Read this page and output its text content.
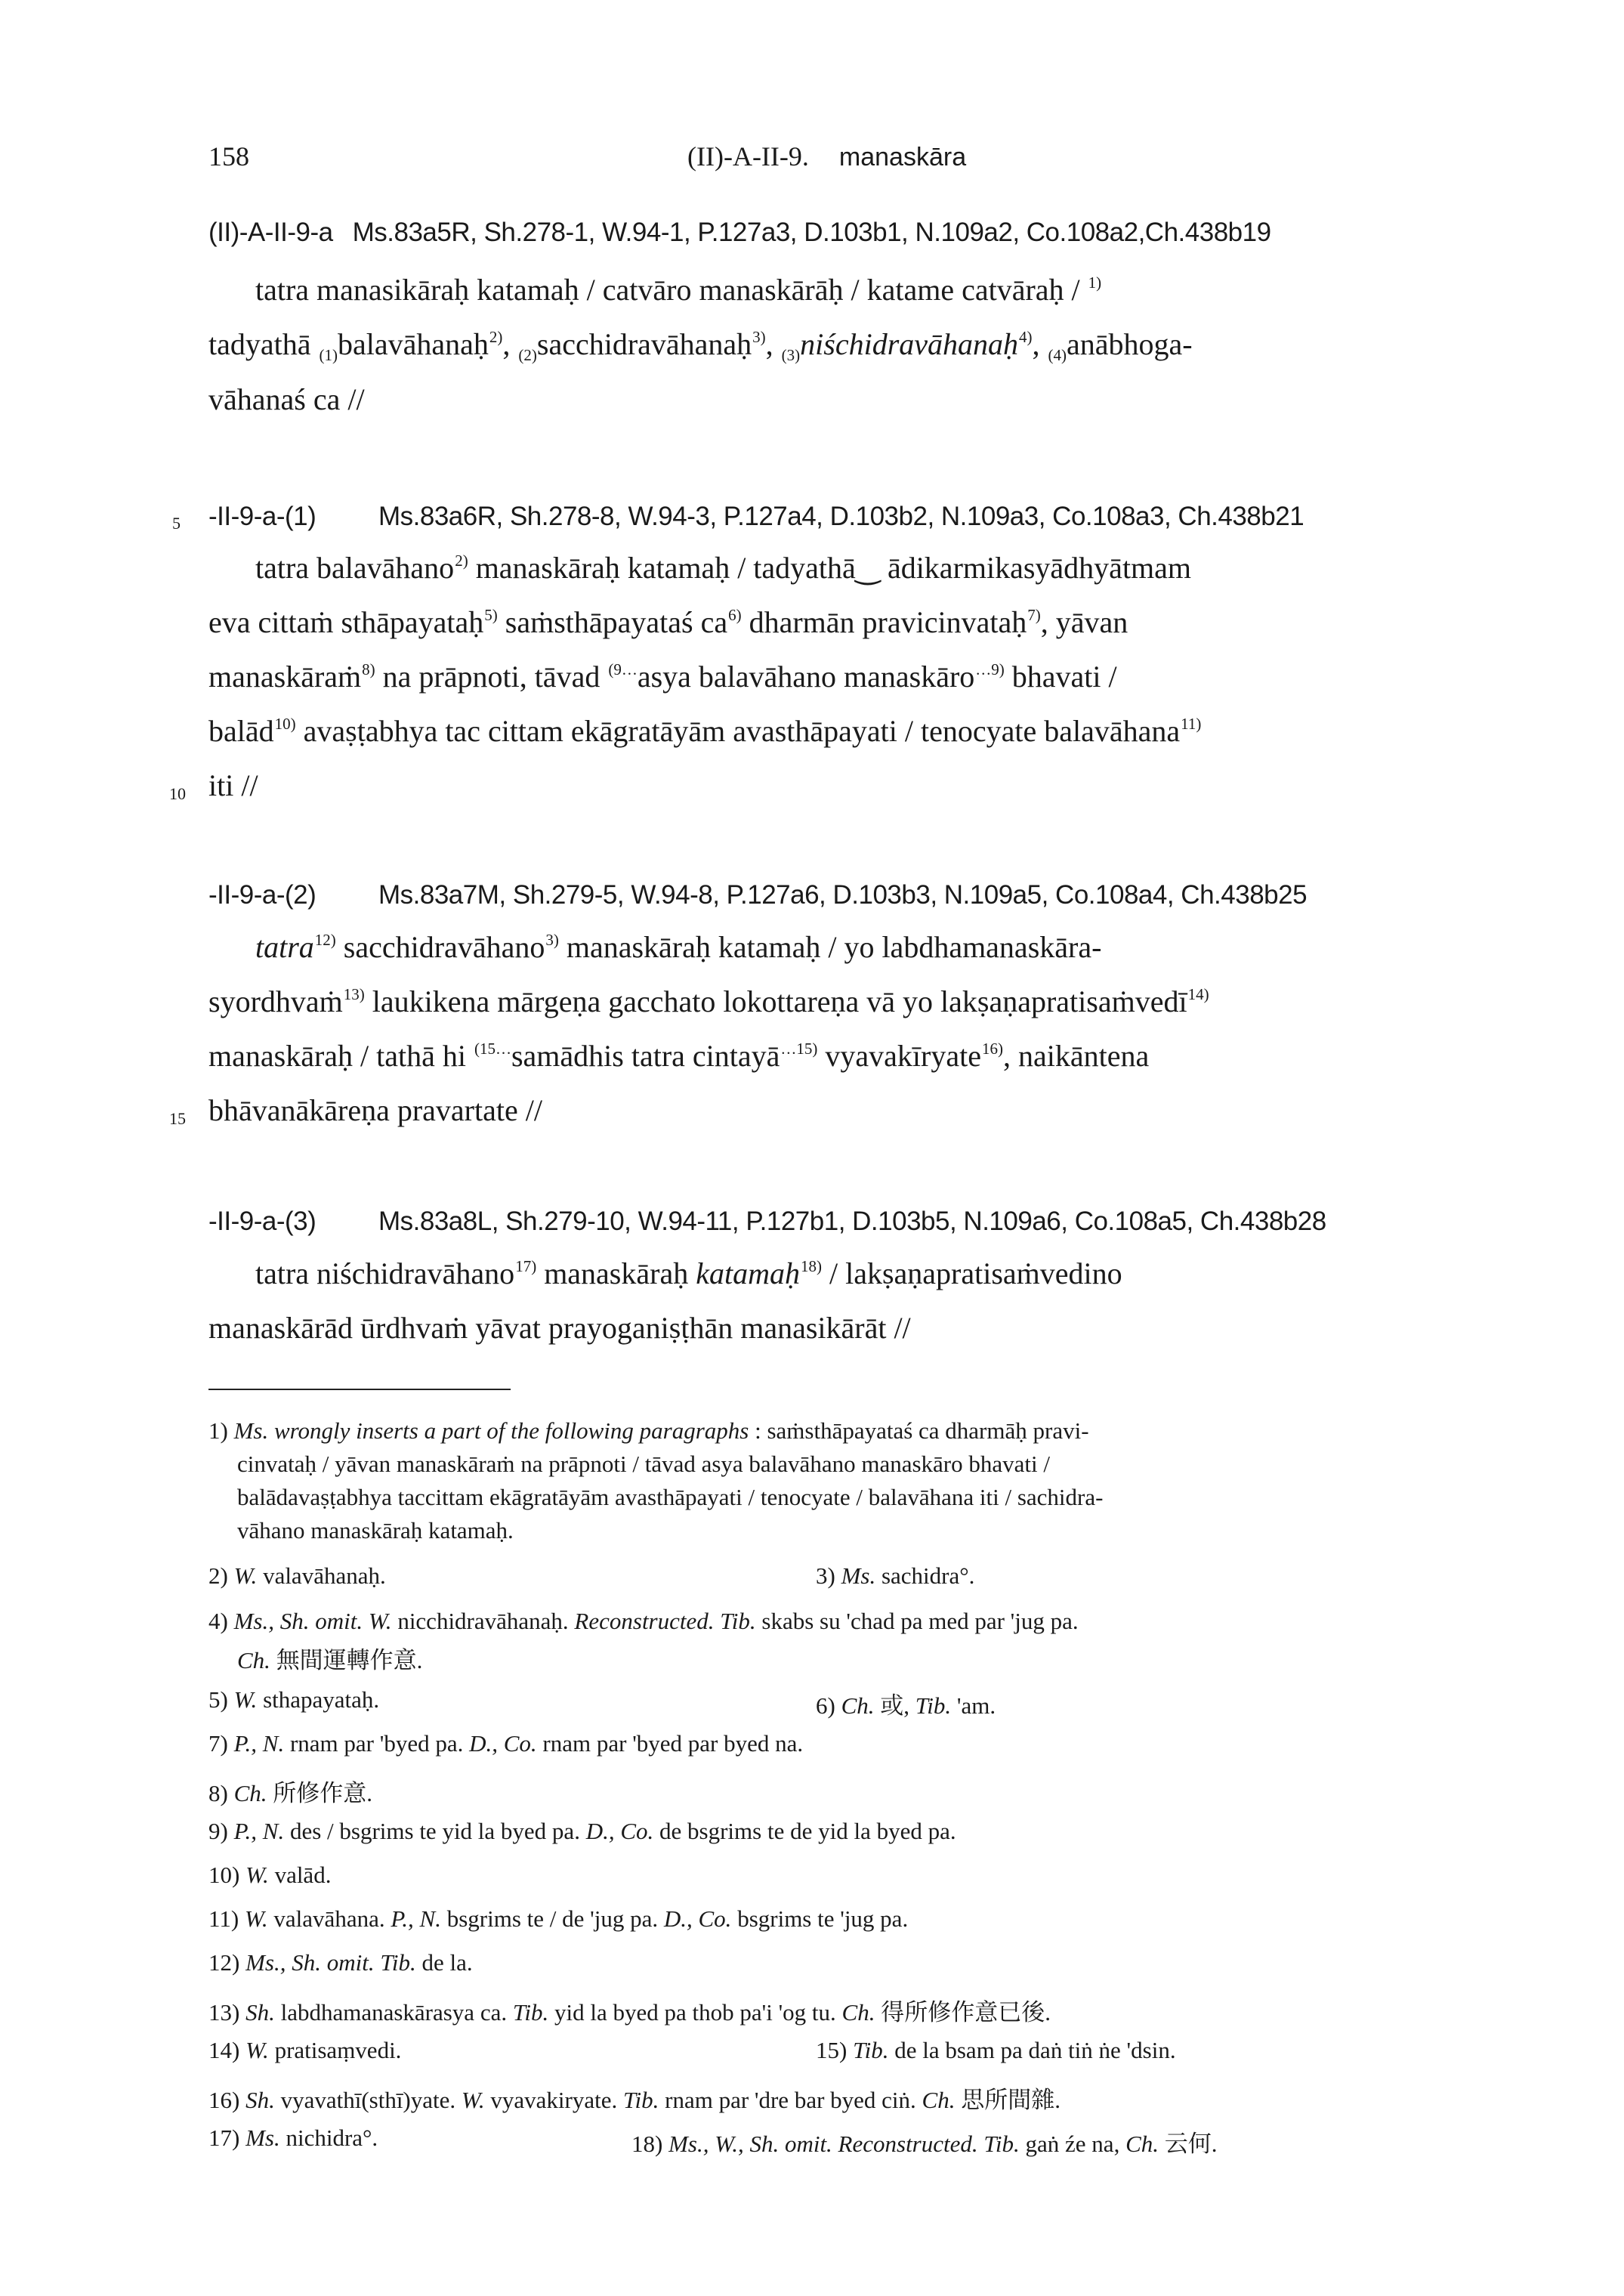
158	(II)-A-II-9. manaskāra
(II)-A-II-9-a Ms.83a5R, Sh.278-1, W.94-1, P.127a3, D.103b1, N.109a2, Co.108a2,Ch.438b19
tatra manasikāraḥ katamaḥ / catvāro manaskārāḥ / katame catvāraḥ / $^{1)}$
tadyathā $_{(1)}$balavāhanaḥ$^{2)}$, $_{(2)}$sacchidravāhanaḥ$^{3)}$, $_{(3)}$niśchidravāhanaḥ$^{4)}$, $_{(4)}$anābhoga-
vāhanaś ca //
5 -II-9-a-(1) Ms.83a6R, Sh.278-8, W.94-3, P.127a4, D.103b2, N.109a3, Co.108a3, Ch.438b21
tatra balavāhano$^{2)}$ manaskāraḥ katamaḥ / tadyathā‿ ādikarmikasyādhyātmam
eva cittaṁ sthāpayataḥ$^{5)}$ saṁsthāpayataś $ca^{6)}$ dharmān pravicinvataḥ$^{7)}$, yāvan
manaskāraṁ$^{8)}$ na prāpnoti, tāvad $^{(9\dots}$asya balavāhano manaskāro$^{\dots 9)}$ bhavati /
balād$^{10)}$ avaṣṭabhya tac cittam ekāgratāyām avasthāpayati / tenocyate balavāhana$^{11)}$
10 iti //
-II-9-a-(2) Ms.83a7M, Sh.279-5, W.94-8, P.127a6, D.103b3, N.109a5, Co.108a4, Ch.438b25
tatra$^{12)}$ sacchidravāhano$^{3)}$ manaskāraḥ katamaḥ / yo labdhamanaskāra-
syordhvaṁ$^{13)}$ laukikena mārgeṇa gacchato lokottareṇa vā yo lakṣaṇapratisaṁvedī$^{14)}$
manaskāraḥ / tathā hi $^{(15\dots}$samādhis tatra cintayā$^{\dots 15)}$ vyavakīryate$^{16)}$, naikāntena
15 bhāvanākāreṇa pravartate //
-II-9-a-(3) Ms.83a8L, Sh.279-10, W.94-11, P.127b1, D.103b5, N.109a6, Co.108a5, Ch.438b28
tatra niśchidravāhano$^{17)}$ manaskāraḥ katamaḥ$^{18)}$ / lakṣaṇapratisaṁvedino
manaskārād ūrdhvaṁ yāvat prayoganiṣṭhān manasikārāt //
1) Ms. wrongly inserts a part of the following paragraphs : saṁsthāpayataś ca dharmāḥ pravi-
cinvataḥ / yāvan manaskāraṁ na prāpnoti / tāvad asya balavāhano manaskāro bhavati /
balādavaṣṭabhya taccittam ekāgratāyām avasthāpayati / tenocyate / balavāhana iti / sachidra-
vāhano manaskāraḥ katamaḥ.
2) W. valavāhanaḥ.	3) Ms. sachidra°.
4) Ms., Sh. omit. W. nicchidravāhanaḥ. Reconstructed. Tib. skabs su 'chad pa med par 'jug pa.
Ch. 無間運轉作意.
5) W. sthapayataḥ.	6) Ch. 或, Tib. 'am.
7) P., N. rnam par 'byed pa. D., Co. rnam par 'byed par byed na.
8) Ch. 所修作意.
9) P., N. des / bsgrims te yid la byed pa. D., Co. de bsgrims te de yid la byed pa.
10) W. valād.
11) W. valavāhana. P., N. bsgrims te / de 'jug pa. D., Co. bsgrims te 'jug pa.
12) Ms., Sh. omit. Tib. de la.
13) Sh. labdhamanaskārasya ca. Tib. yid la byed pa thob pa'i 'og tu. Ch. 得所修作意已後.
14) W. pratisaṃvedi.	15) Tib. de la bsam pa daṅ tiṅ ṅe 'dsin.
16) Sh. vyavathī(sthī)yate. W. vyavakiryate. Tib. rnam par 'dre bar byed ciṅ. Ch. 思所間雜.
17) Ms. nichidra°.	18) Ms., W., Sh. omit. Reconstructed. Tib. gaṅ źe na, Ch. 云何.
